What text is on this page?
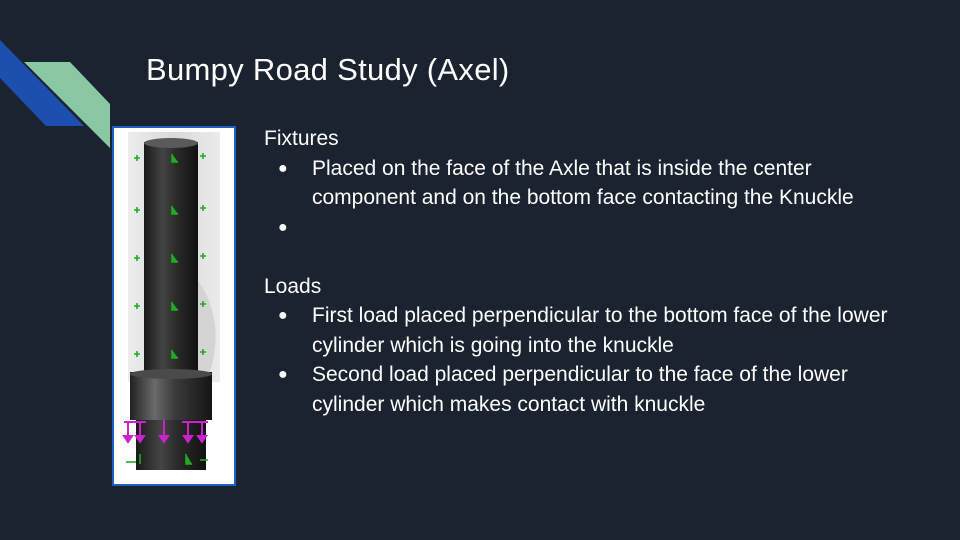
Bumpy Road Study (Axel)
Fixtures
● Placed on the face of the Axle that is inside the center component and on the bottom face contacting the Knuckle
●
Loads
● First load placed perpendicular to the bottom face of the lower cylinder which is going into the knuckle
● Second load placed perpendicular to the face of the lower cylinder which makes contact with knuckle
